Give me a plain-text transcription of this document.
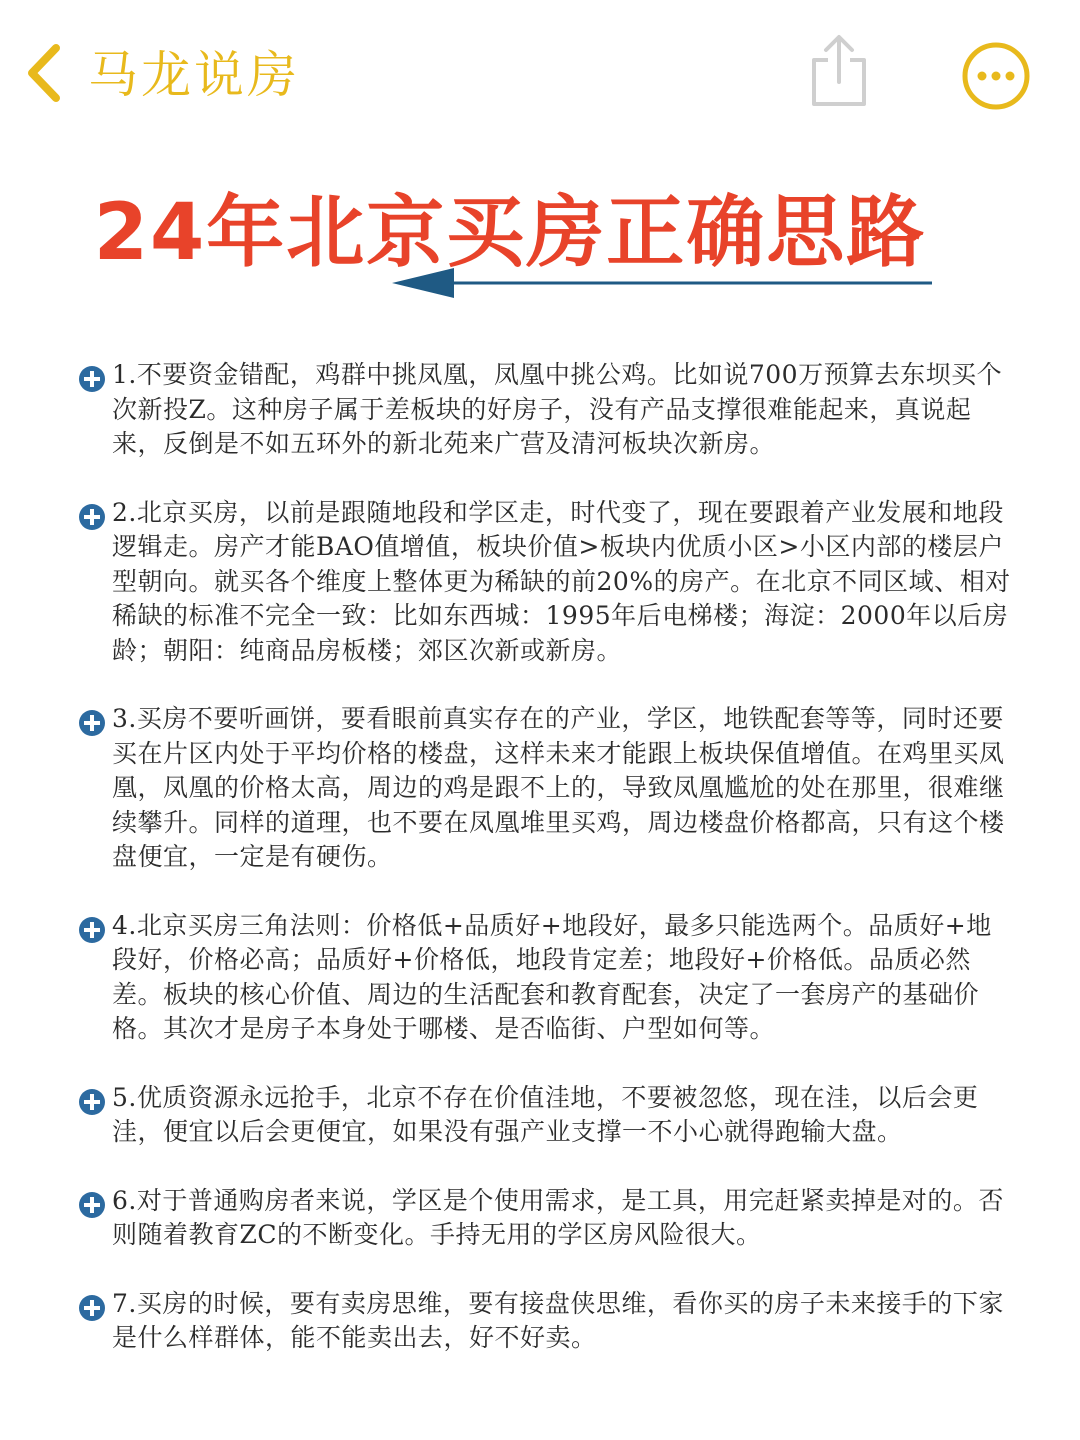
马龙说房
24年北京买房正确思路
1.不要资金错配，鸡群中挑凤凰，凤凰中挑公鸡。比如说700万预算去东坝买个次新投Z。这种房子属于差板块的好房子，没有产品支撑很难能起来，真说起来，反倒是不如五环外的新北苑来广营及清河板块次新房。
2.北京买房，以前是跟随地段和学区走，时代变了，现在要跟着产业发展和地段逻辑走。房产才能BAO值增值，板块价值>板块内优质小区>小区内部的楼层户型朝向。就买各个维度上整体更为稀缺的前20%的房产。在北京不同区域、相对稀缺的标准不完全一致：比如东西城：1995年后电梯楼；海淀：2000年以后房龄；朝阳：纯商品房板楼；郊区次新或新房。
3.买房不要听画饼，要看眼前真实存在的产业，学区，地铁配套等等，同时还要买在片区内处于平均价格的楼盘，这样未来才能跟上板块保值增值。在鸡里买凤凰，凤凰的价格太高，周边的鸡是跟不上的，导致凤凰尴尬的处在那里，很难继续攀升。同样的道理，也不要在凤凰堆里买鸡，周边楼盘价格都高，只有这个楼盘便宜，一定是有硬伤。
4.北京买房三角法则：价格低+品质好+地段好，最多只能选两个。品质好+地段好，价格必高；品质好+价格低，地段肯定差；地段好+价格低。品质必然差。板块的核心价值、周边的生活配套和教育配套，决定了一套房产的基础价格。其次才是房子本身处于哪楼、是否临街、户型如何等。
5.优质资源永远抢手，北京不存在价值洼地，不要被忽悠，现在洼，以后会更洼，便宜以后会更便宜，如果没有强产业支撑一不小心就得跑输大盘。
6.对于普通购房者来说，学区是个使用需求，是工具，用完赶紧卖掉是对的。否则随着教育ZC的不断变化。手持无用的学区房风险很大。
7.买房的时候，要有卖房思维，要有接盘侠思维，看你买的房子未来接手的下家是什么样群体，能不能卖出去，好不好卖。
